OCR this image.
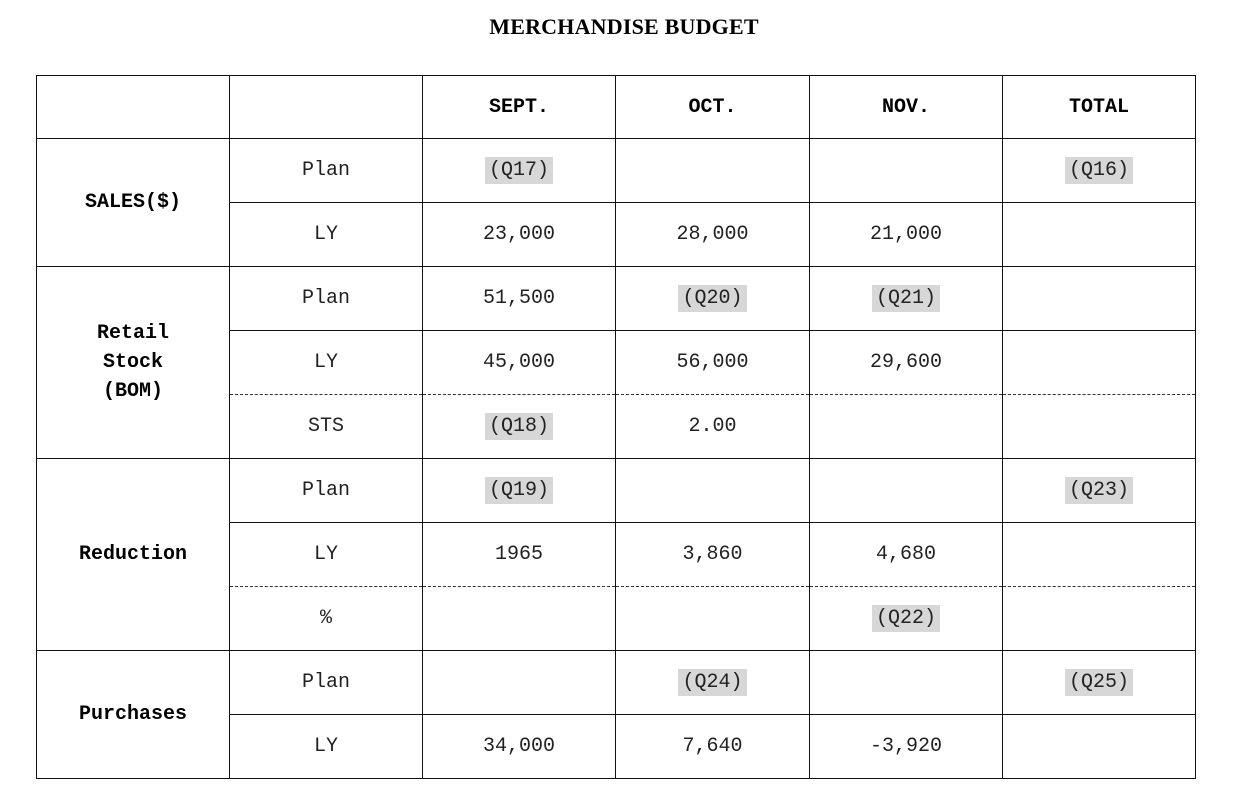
MERCHANDISE BUDGET
		SEPT.	OCT.	NOV.	TOTAL
SALES($)	Plan	(Q17)			(Q16)
	LY	23,000	28,000	21,000	
Retail
Stock
(BOM)	Plan	51,500	(Q20)	(Q21)	
	LY	45,000	56,000	29,600	
	STS	(Q18)	2.00		
Reduction	Plan	(Q19)			(Q23)
	LY	1965	3,860	4,680	
	%			(Q22)	
Purchases	Plan		(Q24)		(Q25)
	LY	34,000	7,640	-3,920	
